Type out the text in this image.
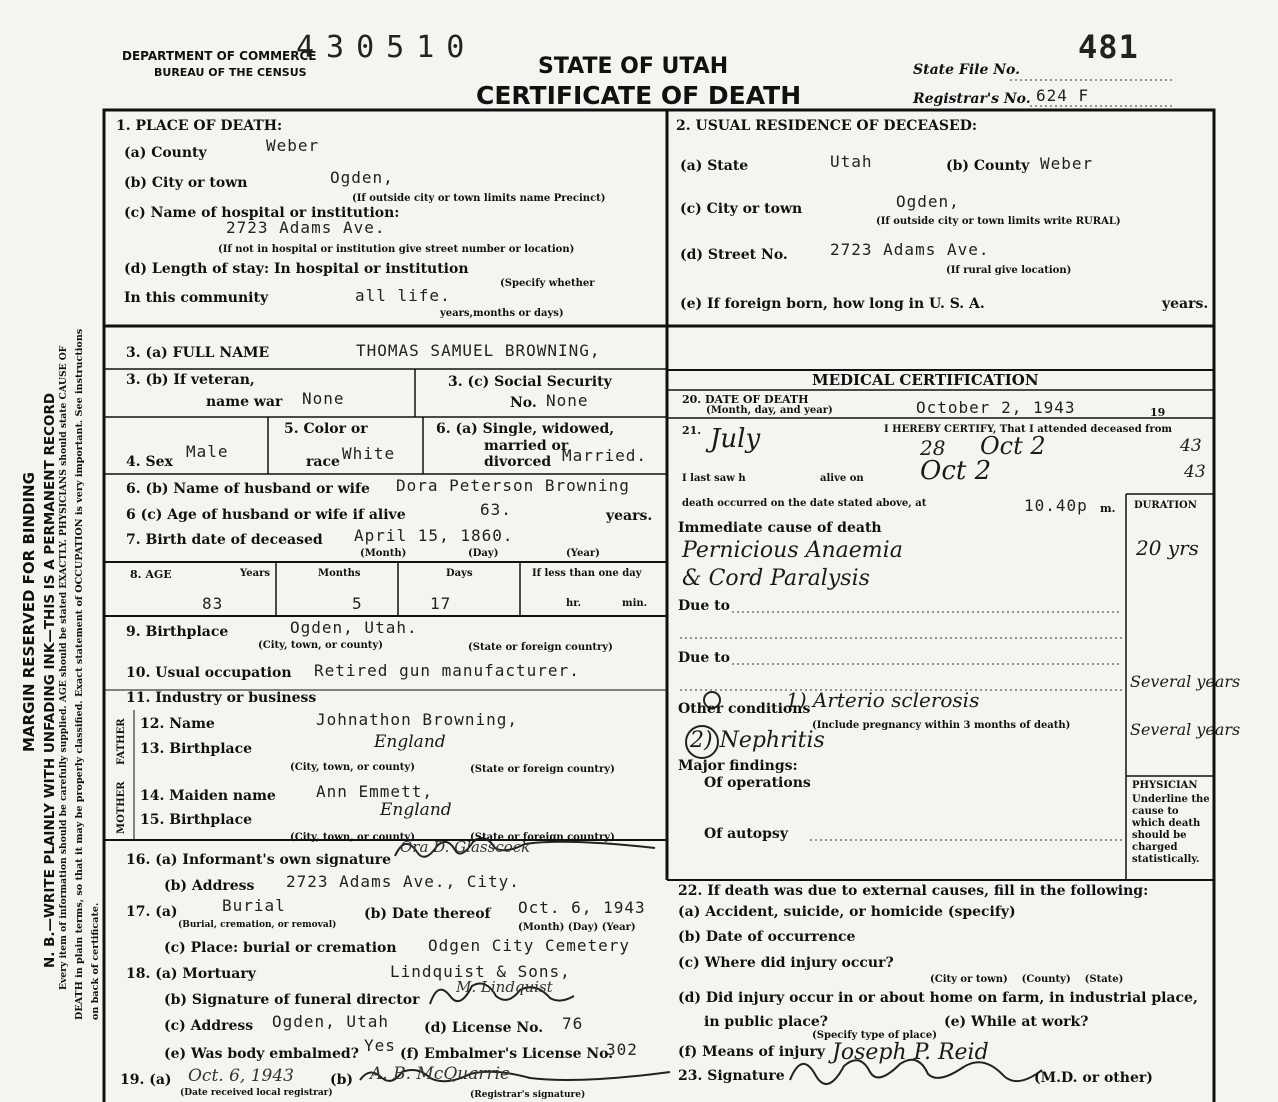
MARGIN RESERVED FOR BINDING N. B.—WRITE PLAINLY WITH UNFADING INK—THIS IS A PERMANENT RECORD Every item of information should be carefully supplied. AGE should be stated EXACTLY. PHYSICIANS should state CAUSE OF DEATH in plain terms, so that it may be properly classified. Exact statement of OCCUPATION is very important. See instructions on back of certificate.
DEPARTMENT OF COMMERCE
BUREAU OF THE CENSUS
430510
STATE OF UTAH
CERTIFICATE OF DEATH
481
State File No.
Registrar's No. 624 F
1. PLACE OF DEATH:
(a) County	Weber
(b) City or town	Ogden,
(If outside city or town limits name Precinct)
(c) Name of hospital or institution:
2723 Adams Ave.
(If not in hospital or institution give street number or location)
(d) Length of stay: In hospital or institution
(Specify whether
In this community	all life.
years,months or days)
2. USUAL RESIDENCE OF DECEASED:
(a) State	Utah	(b) County Weber
(c) City or town	Ogden,
(If outside city or town limits write RURAL)
(d) Street No.	2723 Adams Ave.
(If rural give location)
(e) If foreign born, how long in U. S. A.	years.
3. (a) FULL NAME	THOMAS SAMUEL BROWNING,
3. (b) If veteran,
name war None
3. (c) Social Security
No. None
4. Sex
Male
5. Color or
race White
6. (a) Single, widowed,
married or
divorced Married.
6. (b) Name of husband or wife Dora Peterson Browning
6 (c) Age of husband or wife if alive	63.	years.
7. Birth date of deceased April 15, 1860.
(Month)	(Day)	(Year)
8. AGE	Years	Months	Days	If less than one day
83	5	17	hr.	min.
9. Birthplace	Ogden, Utah.
(City, town, or county)	(State or foreign country)
10. Usual occupation Retired gun manufacturer.
11. Industry or business
FATHER
MOTHER
12. Name	Johnathon Browning,
13. Birthplace	England
(City, town, or county)	(State or foreign country)
14. Maiden name	Ann Emmett,
15. Birthplace	England
(City, town, or county)	(State or foreign country)
16. (a) Informant's own signature
Ora D. Glasscock
(b) Address 2723 Adams Ave., City.
17. (a)	Burial
(Burial, cremation, or removal)
(b) Date thereof Oct. 6, 1943
(Month) (Day) (Year)
(c) Place: burial or cremation Odgen City Cemetery
18. (a) Mortuary	Lindquist & Sons,
(b) Signature of funeral director
M. Lindquist
(c) Address Ogden, Utah	(d) License No. 76
(e) Was body embalmed? Yes (f) Embalmer's License No.
302
19. (a) Oct. 6, 1943
(Date received local registrar)
(b) A. B. McQuarrie
(Registrar's signature)
MEDICAL CERTIFICATION
20. DATE OF DEATH
(Month, day, and year)	October 2, 1943	19
21.	I HEREBY CERTIFY, That I attended deceased from
July	28 Oct 2	43
I last saw h	alive on Oct 2	43
death occurred on the date stated above, at	10.40p m. DURATION
Immediate cause of death
Pernicious Anaemia
& Cord Paralysis
20 yrs
Due to
Due to
Other conditions
1) Arterio sclerosis
(Include pregnancy within 3 months of death)
2) Nephritis
Several years
Several years
Major findings:
Of operations
Of autopsy
PHYSICIAN
Underline the cause to which death should be charged statistically.
22. If death was due to external causes, fill in the following:
(a) Accident, suicide, or homicide (specify)
(b) Date of occurrence
(c) Where did injury occur?
(City or town)    (County)    (State)
(d) Did injury occur in or about home on farm, in industrial place,
in public place?
(Specify type of place)
(e) While at work?
(f) Means of injury
23. Signature
Joseph P. Reid
(M.D. or other)
